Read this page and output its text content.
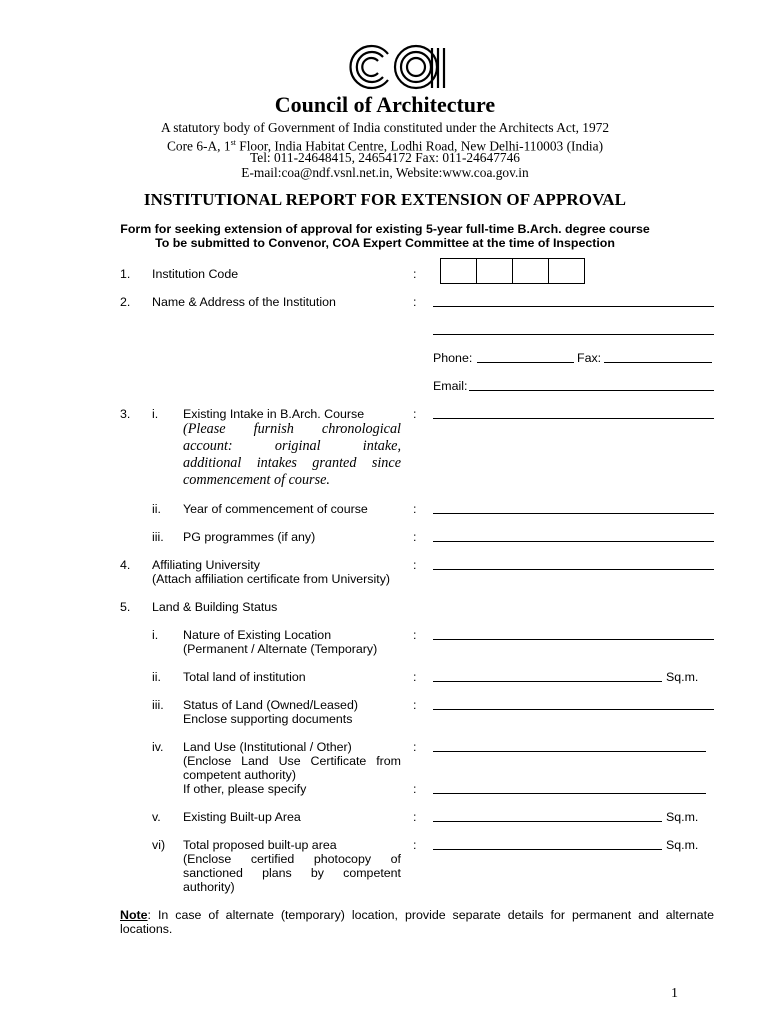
Council of Architecture
A statutory body of Government of India constituted under the Architects Act, 1972
Core 6-A, 1st Floor, India Habitat Centre, Lodhi Road, New Delhi-110003 (India)
Tel: 011-24648415, 24654172 Fax: 011-24647746
E-mail:coa@ndf.vsnl.net.in, Website:www.coa.gov.in
INSTITUTIONAL REPORT FOR EXTENSION OF APPROVAL
Form for seeking extension of approval for existing 5-year full-time B.Arch. degree course
To be submitted to Convenor, COA Expert Committee at the time of Inspection
1. Institution Code	:
2. Name & Address of the Institution	:
Phone:	Fax:
Email:
3. i. Existing Intake in B.Arch. Course	:
(Please furnish chronological
account: original intake,
additional intakes granted since
commencement of course.
ii. Year of commencement of course	:
iii. PG programmes (if any)	:
4. Affiliating University
(Attach affiliation certificate from University)
:
5. Land & Building Status
i. Nature of Existing Location
(Permanent / Alternate (Temporary)
:
ii. Total land of institution	:	Sq.m.
iii. Status of Land (Owned/Leased)
Enclose supporting documents
:
iv. Land Use (Institutional / Other)
(Enclose Land Use Certificate from
competent authority)
If other, please specify
:
:
v. Existing Built-up Area	:	Sq.m.
vi) Total proposed built-up area
(Enclose certified photocopy of
sanctioned plans by competent
authority)
:	Sq.m.
Note: In case of alternate (temporary) location, provide separate details for permanent and alternate
locations.
1
